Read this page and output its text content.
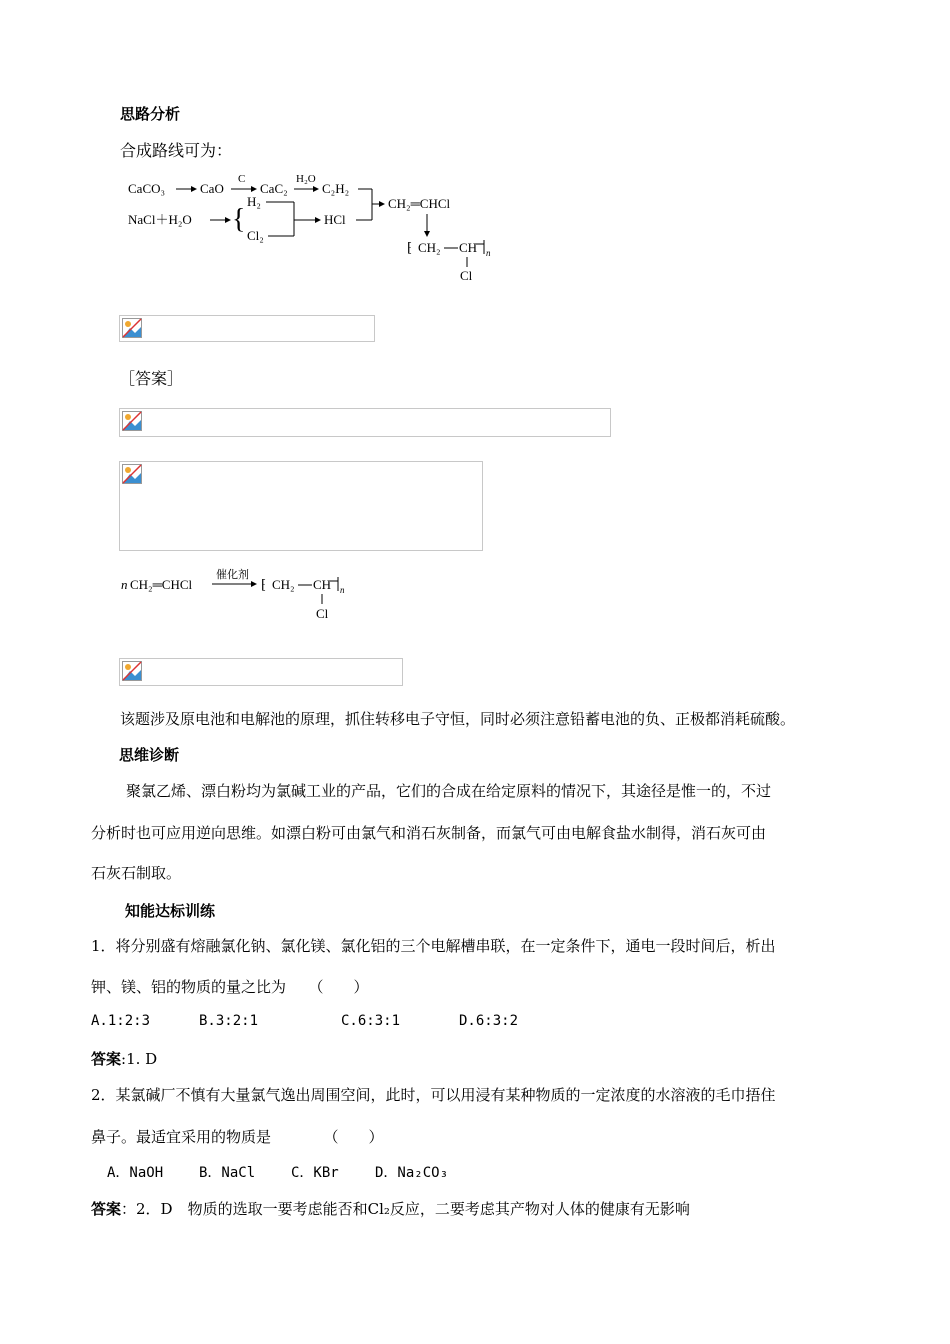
思路分析
合成路线可为：
CaCO₃	CaO
C
CaC₂
H₂O
C₂H₂
NaCl＋H₂O {
H₂
Cl₂
HCl
CH₂═CHCl
⁅ CH₂ CH n
Cl
［答案］
n CH₂═CHCl
催化剂
⁅ CH₂ CH n
Cl
该题涉及原电池和电解池的原理，抓住转移电子守恒，同时必须注意铅蓄电池的负、正极都消耗硫酸。
思维诊断
聚氯乙烯、漂白粉均为氯碱工业的产品，它们的合成在给定原料的情况下，其途径是惟一的，不过
分析时也可应用逆向思维。如漂白粉可由氯气和消石灰制备，而氯气可由电解食盐水制得，消石灰可由
石灰石制取。
知能达标训练
1．将分别盛有熔融氯化钠、氯化镁、氯化铝的三个电解槽串联，在一定条件下，通电一段时间后，析出
钾、镁、铝的物质的量之比为　　（　　）
A.1:2:3	B.3:2:1	C.6:3:1	D.6:3:2
答案:1. D
2．某氯碱厂不慎有大量氯气逸出周围空间，此时，可以用浸有某种物质的一定浓度的水溶液的毛巾捂住
鼻子。最适宜采用的物质是　　　　（　　）
A．NaOH	B．NaCl	C．KBr	D．Na₂CO₃
答案：2．D　物质的选取一要考虑能否和Cl₂反应，二要考虑其产物对人体的健康有无影响
